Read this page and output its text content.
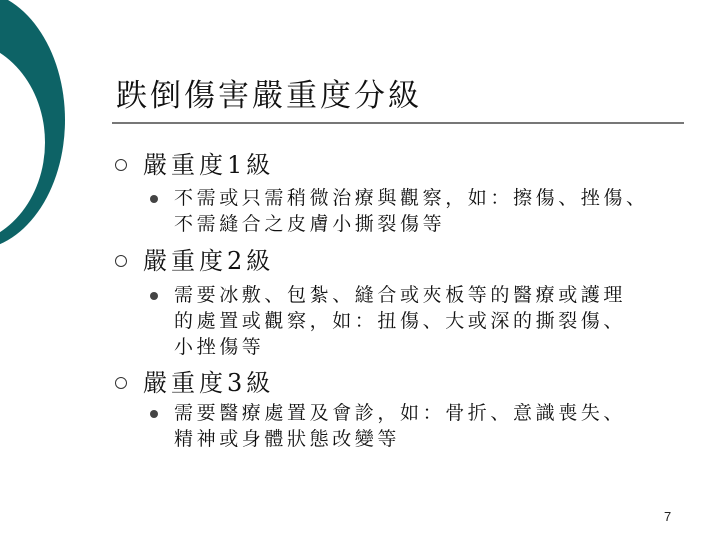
跌倒傷害嚴重度分級
嚴重度1級
不需或只需稍微治療與觀察，如：擦傷、挫傷、
不需縫合之皮膚小撕裂傷等
嚴重度2級
需要冰敷、包紮、縫合或夾板等的醫療或護理
的處置或觀察，如：扭傷、大或深的撕裂傷、
小挫傷等
嚴重度3級
需要醫療處置及會診，如：骨折、意識喪失、
精神或身體狀態改變等
7
